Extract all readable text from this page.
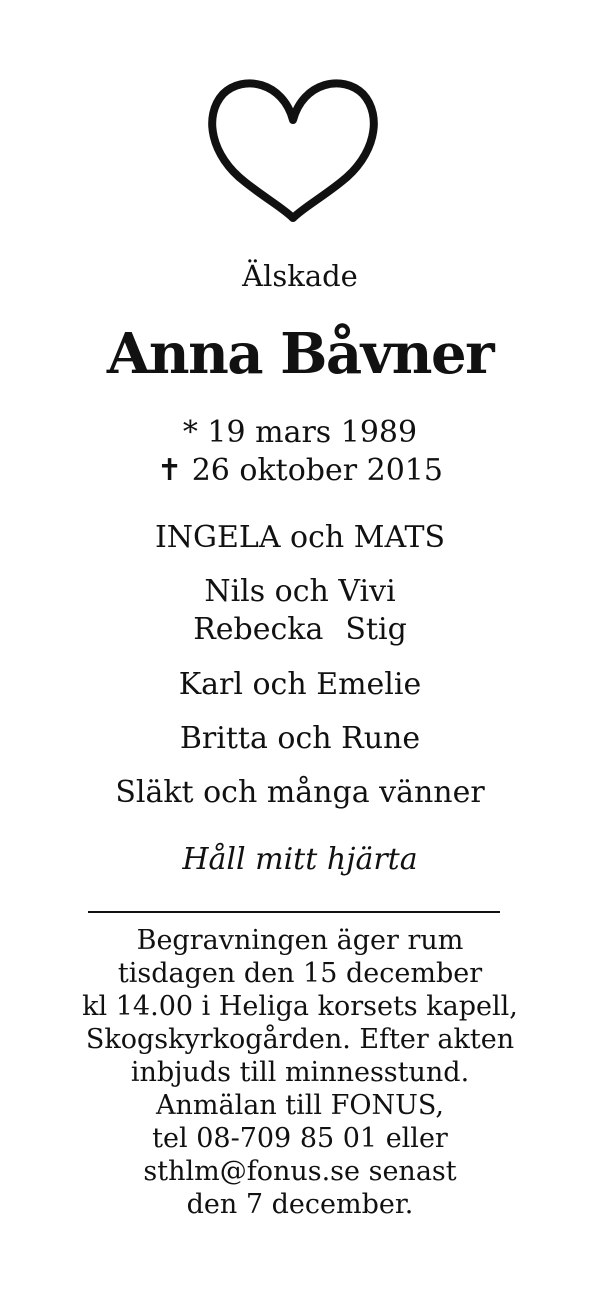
Älskade
Anna Båvner
* 19 mars 1989
✝ 26 oktober 2015
INGELA och MATS
Nils och Vivi
Rebecka Stig
Karl och Emelie
Britta och Rune
Släkt och många vänner
Håll mitt hjärta
Begravningen äger rum
tisdagen den 15 december
kl 14.00 i Heliga korsets kapell,
Skogskyrkogården. Efter akten
inbjuds till minnesstund.
Anmälan till FONUS,
tel 08-709 85 01 eller
sthlm@fonus.se senast
den 7 december.
